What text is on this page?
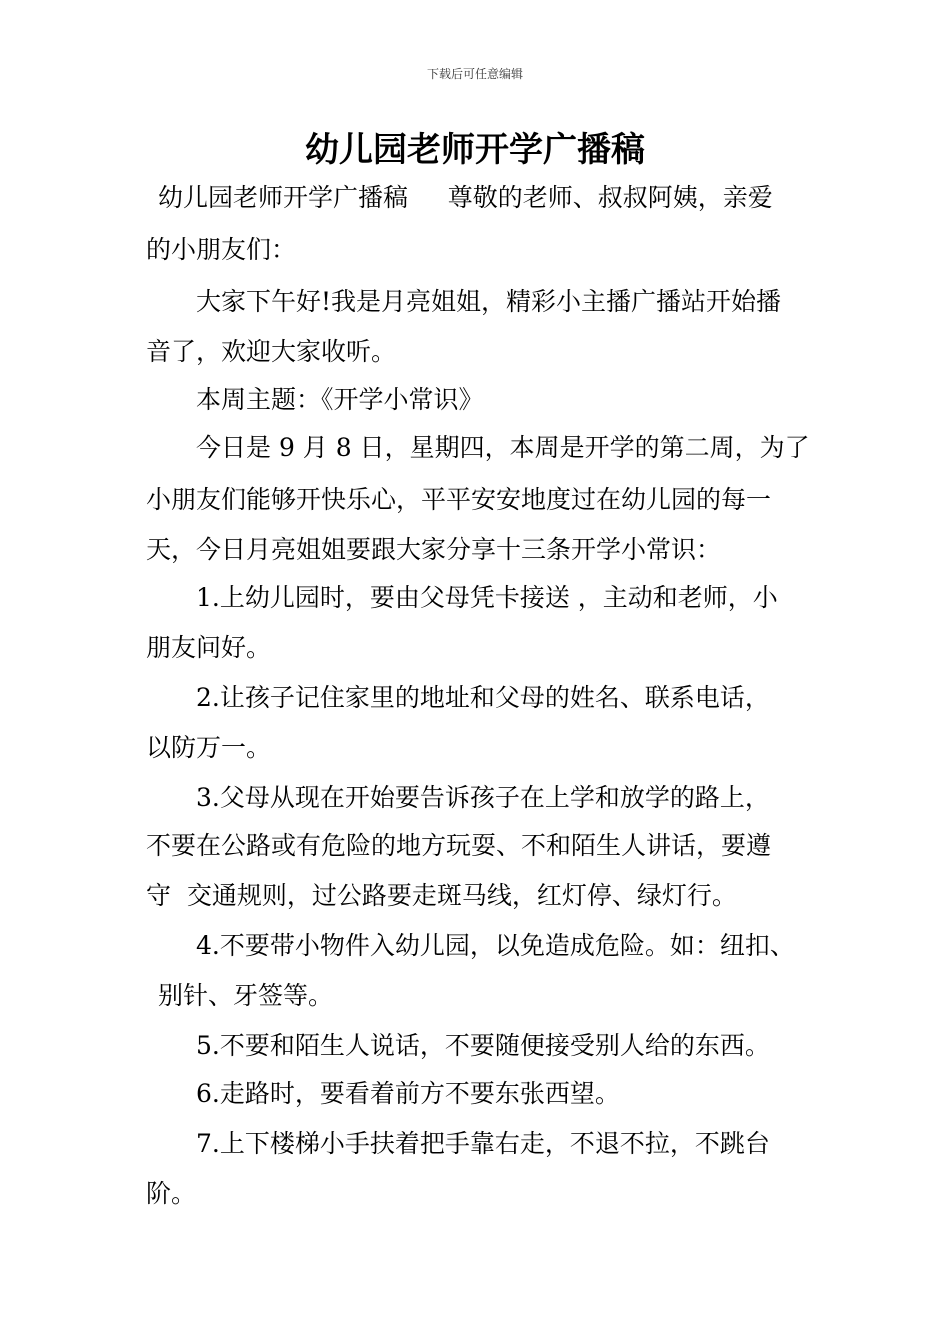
下载后可任意编辑
幼儿园老师开学广播稿
幼儿园老师开学广播稿     尊敬的老师、叔叔阿姨，亲爱
的小朋友们：
大家下午好!我是月亮姐姐，精彩小主播广播站开始播
音了，欢迎大家收听。
本周主题：《开学小常识》
今日是 9 月 8 日，星期四，本周是开学的第二周，为了
小朋友们能够开快乐心，平平安安地度过在幼儿园的每一
天，今日月亮姐姐要跟大家分享十三条开学小常识：
1.上幼儿园时，要由父母凭卡接送 ，主动和老师，小
朋友问好。
2.让孩子记住家里的地址和父母的姓名、联系电话，
以防万一。
3.父母从现在开始要告诉孩子在上学和放学的路上，
不要在公路或有危险的地方玩耍、不和陌生人讲话，要遵
守  交通规则，过公路要走斑马线，红灯停、绿灯行。
4.不要带小物件入幼儿园，以免造成危险。如：纽扣、
别针、牙签等。
5.不要和陌生人说话，不要随便接受别人给的东西。
6.走路时，要看着前方不要东张西望。
7.上下楼梯小手扶着把手靠右走，不退不拉，不跳台
阶。
